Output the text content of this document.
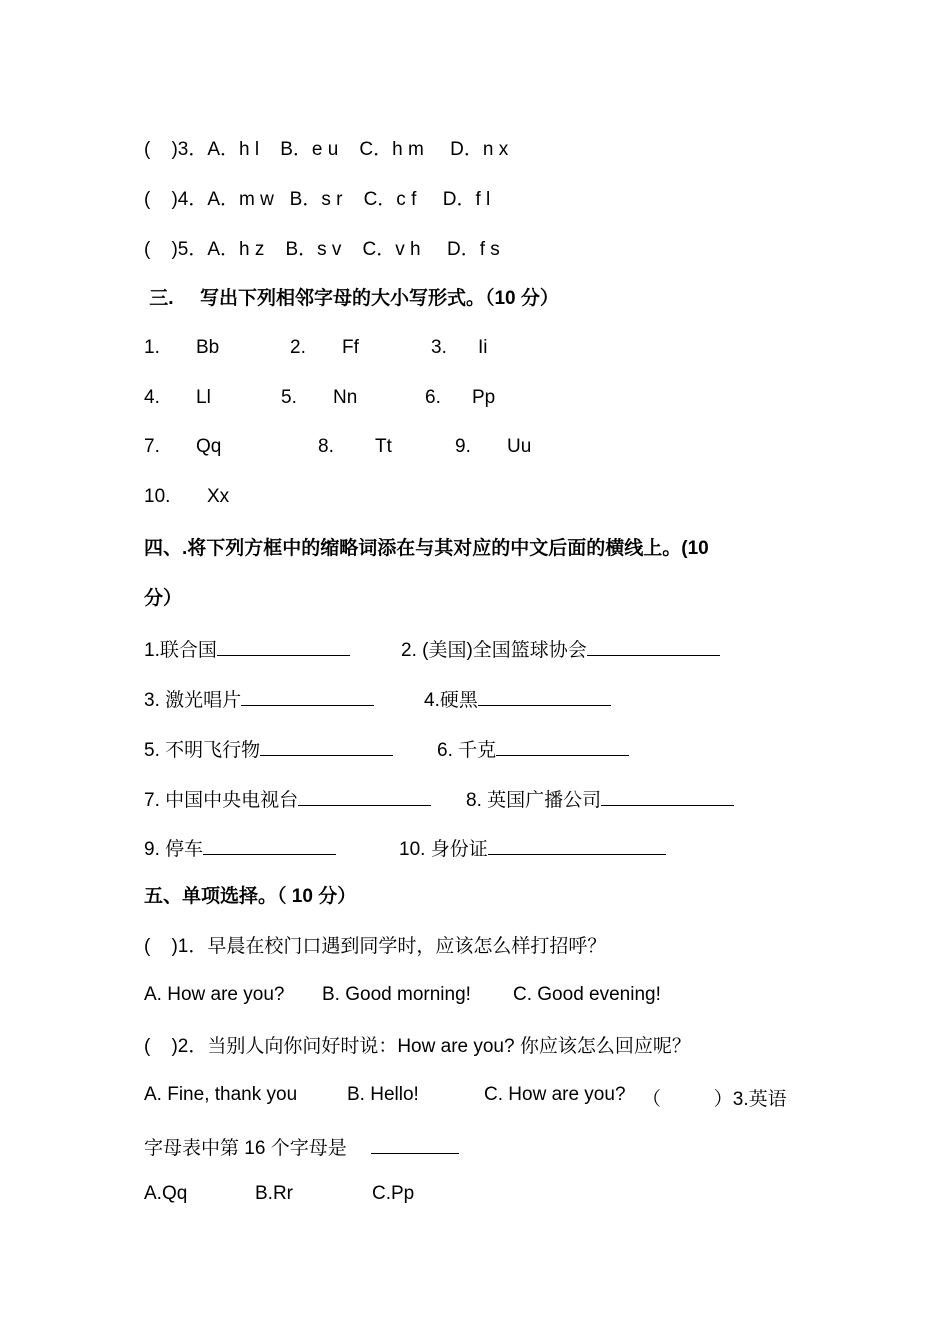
(    )3．A．h l    B．e u    C．h m     D．n x
(    )4．A．m w   B．s r    C．c f     D．f l
(    )5．A．h z    B．s v    C．v h     D．f s
三.     写出下列相邻字母的大小写形式。（10 分）
1. Bb	2. Ff	3. Ii
4. Ll	5. Nn	6. Pp
7. Qq	8. Tt	9. Uu
10. Xx
四、.将下列方框中的缩略词添在与其对应的中文后面的横线上。(10
分）
1.联合国	2. (美国)全国篮球协会
3. 激光唱片	4.硬黑
5. 不明飞行物	6. 千克
7. 中国中央电视台	8. 英国广播公司
9. 停车	10. 身份证
五、单项选择。（ 10 分）
(    )1．早晨在校门口遇到同学时，应该怎么样打招呼？
A. How are you? B. Good morning! C. Good evening!
(    )2．当别人向你问好时说：How are you? 你应该怎么回应呢？
A. Fine, thank you	B. Hello!	C. How are you? （          ）3.英语
字母表中第 16 个字母是
A.Qq	B.Rr	C.Pp
